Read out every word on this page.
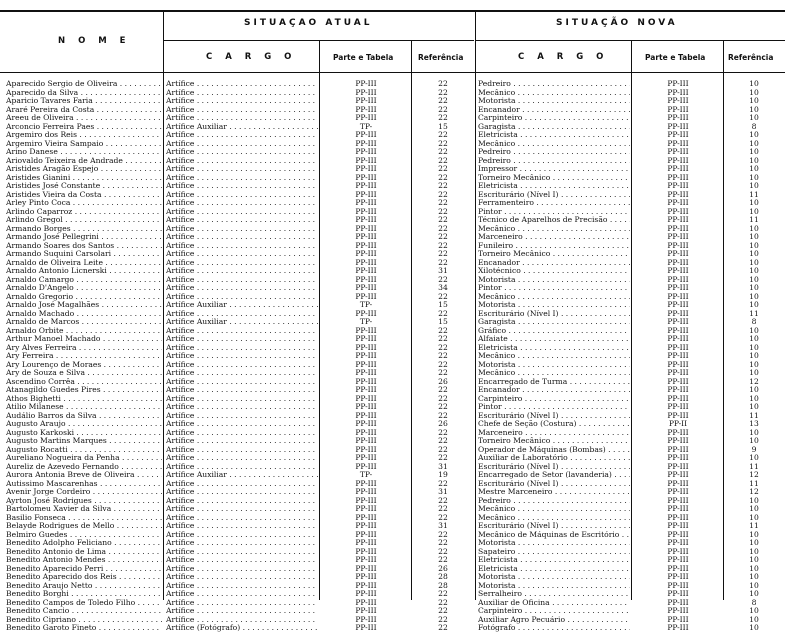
N O M E
SITUAÇAO ATUAL	SITUAÇÃO NOVA
C A R G O	Parte e Tabela	Referência	C A R G O	Parte e Tabela	Referência
Aparecido Sergio de Oliveira . . .	Artífice . . .	PP-III	22	Pedreiro . . .	PP-III	10
Aparecido da Silva . . .	Artífice . . .	PP-III	22	Mecânico . . .	PP-III	10
Aparicio Tavares Faria . . .	Artífice . . .	PP-III	22	Motorista . . .	PP-III	10
Araré Pereira da Costa . . .	Artífice . . .	PP-III	22	Encanador . . .	PP-III	10
Areeu de Oliveira . . .	Artífice . . .	PP-III	22	Carpinteiro . . .	PP-III	10
Arconcio Ferreira Paes . . .	Artífice Auxiliar . . .	TP-	15	Garagista . . .	PP-III	8
Argemiro dos Reis . . .	Artífice . . .	PP-III	22	Eletricista . . .	PP-III	10
Argemiro Vieira Sampaio . . .	Artífice . . .	PP-III	22	Mecânico . . .	PP-III	10
Arino Danese . . .	Artífice . . .	PP-III	22	Pedreiro . . .	PP-III	10
Ariovaldo Teixeira de Andrade . . .	Artífice . . .	PP-III	22	Pedreiro . . .	PP-III	10
Aristides Aragão Espejo . . .	Artífice . . .	PP-III	22	Impressor . . .	PP-III	10
Aristides Gianini . . .	Artífice . . .	PP-III	22	Torneiro Mecânico . . .	PP-III	10
Aristides José Constante . . .	Artífice . . .	PP-III	22	Eletricista . . .	PP-III	10
Aristides Vieira da Costa . . .	Artífice . . .	PP-III	22	Escriturário (Nível I) . . .	PP-III	11
Arley Pinto Coca . . .	Artífice . . .	PP-III	22	Ferramenteiro . . .	PP-III	10
Arlindo Caparroz . . .	Artífice . . .	PP-III	22	Pintor . . .	PP-III	10
Arlindo Gregol . . .	Artífice . . .	PP-III	22	Técnico de Aparelhos de Precisão . . .	PP-III	11
Armando Borges . . .	Artífice . . .	PP-III	22	Mecânico . . .	PP-III	10
Armando José Pellegrini . . .	Artífice . . .	PP-III	22	Marceneiro . . .	PP-III	10
Armando Soares dos Santos . . .	Artífice . . .	PP-III	22	Funileiro . . .	PP-III	10
Armando Suquini Carsolari . . .	Artífice . . .	PP-III	22	Torneiro Mecânico . . .	PP-III	10
Arnaldo de Oliveira Leite . . .	Artífice . . .	PP-III	22	Encanador . . .	PP-III	10
Arnaldo Antonio Licnerski . . .	Artífice . . .	PP-III	31	Xilotécnico . . .	PP-III	10
Arnaldo Camargo . . .	Artífice . . .	PP-III	22	Motorista . . .	PP-III	10
Arnaldo D'Angelo . . .	Artífice . . .	PP-III	34	Pintor . . .	PP-III	10
Arnaldo Gregorio . . .	Artífice . . .	PP-III	22	Mecânico . . .	PP-III	10
Arnaldo José Magalhães . . .	Artífice Auxiliar . . .	TP-	15	Motorista . . .	PP-III	10
Arnaldo Machado . . .	Artífice . . .	PP-III	22	Escriturário (Nível I) . . .	PP-III	11
Arnaldo de Marcos . . .	Artífice Auxiliar . . .	TP-	15	Garagista . . .	PP-III	8
Arnaldo Orbite . . .	Artífice . . .	PP-III	22	Gráfico . . .	PP-III	10
Arthur Manoel Machado . . .	Artífice . . .	PP-III	22	Alfaiate . . .	PP-III	10
Ary Alves Ferreira . . .	Artífice . . .	PP-III	22	Eletricista . . .	PP-III	10
Ary Ferreira . . .	Artífice . . .	PP-III	22	Mecânico . . .	PP-III	10
Ary Lourenço de Moraes . . .	Artífice . . .	PP-III	22	Motorista . . .	PP-III	10
Ary de Souza e Silva . . .	Artífice . . .	PP-III	22	Mecânico . . .	PP-III	10
Ascendino Corrêa . . .	Artífice . . .	PP-III	26	Encarregado de Turma . . .	PP-III	12
Atanagildo Guedes Pires . . .	Artífice . . .	PP-III	22	Encanador . . .	PP-III	10
Athos Bighetti . . .	Artífice . . .	PP-III	22	Carpinteiro . . .	PP-III	10
Atilio Milanese . . .	Artífice . . .	PP-III	22	Pintor . . .	PP-III	10
Audálio Barros da Silva . . .	Artífice . . .	PP-III	22	Escriturário (Nível I) . . .	PP-III	11
Augusto Araujo . . .	Artífice . . .	PP-III	26	Chefe de Seção (Costura) . . .	PP-II	13
Augusto Karkoski . . .	Artífice . . .	PP-III	22	Marceneiro . . .	PP-III	10
Augusto Martins Marques . . .	Artífice . . .	PP-III	22	Torneiro Mecânico . . .	PP-III	10
Augusto Rocatti . . .	Artífice . . .	PP-III	22	Operador de Máquinas (Bombas) . . .	PP-III	9
Aureliano Nogueira da Penha . . .	Artífice . . .	PP-III	22	Auxiliar de Laboratório . . .	PP-III	10
Aureliz de Azevedo Fernando . . .	Artífice . . .	PP-III	31	Escriturário (Nível I) . . .	PP-III	11
Aurora Antonia Breve de Oliveira . . .	Artífice Auxiliar . . .	TP-	19	Encarregado de Setor (lavanderia) . . .	PP-III	12
Autissimo Mascarenhas . . .	Artífice . . .	PP-III	22	Escriturário (Nível I) . . .	PP-III	11
Avenir Jorge Cordeiro . . .	Artífice . . .	PP-III	31	Mestre Marceneiro . . .	PP-III	12
Ayrton José Rodrigues . . .	Artífice . . .	PP-III	22	Pedreiro . . .	PP-III	10
Bartolomeu Xavier da Silva . . .	Artífice . . .	PP-III	22	Mecânico . . .	PP-III	10
Basilio Fonseca . . .	Artífice . . .	PP-III	22	Mecânico . . .	PP-III	10
Belayde Rodrigues de Mello . . .	Artífice . . .	PP-III	31	Escriturário (Nível I) . . .	PP-III	11
Belmiro Guedes . . .	Artífice . . .	PP-III	22	Mecânico de Máquinas de Escritório . . .	PP-III	10
Benedito Adolpho Feliciano . . .	Artífice . . .	PP-III	22	Motorista . . .	PP-III	10
Benedito Antonio de Lima . . .	Artífice . . .	PP-III	22	Sapateiro . . .	PP-III	10
Benedito Antonio Mendes . . .	Artífice . . .	PP-III	22	Eletricista . . .	PP-III	10
Benedito Aparecido Perri . . .	Artífice . . .	PP-III	26	Eletricista . . .	PP-III	10
Benedito Aparecido dos Reis . . .	Artífice . . .	PP-III	28	Motorista . . .	PP-III	10
Benedito Araujo Netto . . .	Artífice . . .	PP-III	28	Motorista . . .	PP-III	10
Benedito Borghi . . .	Artífice . . .	PP-III	22	Serralheiro . . .	PP-III	10
Benedito Campos de Toledo Filho . . .	Artífice . . .	PP-III	22	Auxiliar de Oficina . . .	PP-III	8
Benedito Cancio . . .	Artífice . . .	PP-III	22	Carpinteiro . . .	PP-III	10
Benedito Cipriano . . .	Artífice . . .	PP-III	22	Auxiliar Agro Pecuário . . .	PP-III	10
Benedito Garoto Fineto . . .	Artífice (Fotógrafo) . . .	PP-III	22	Fotógrafo . . .	PP-III	10
